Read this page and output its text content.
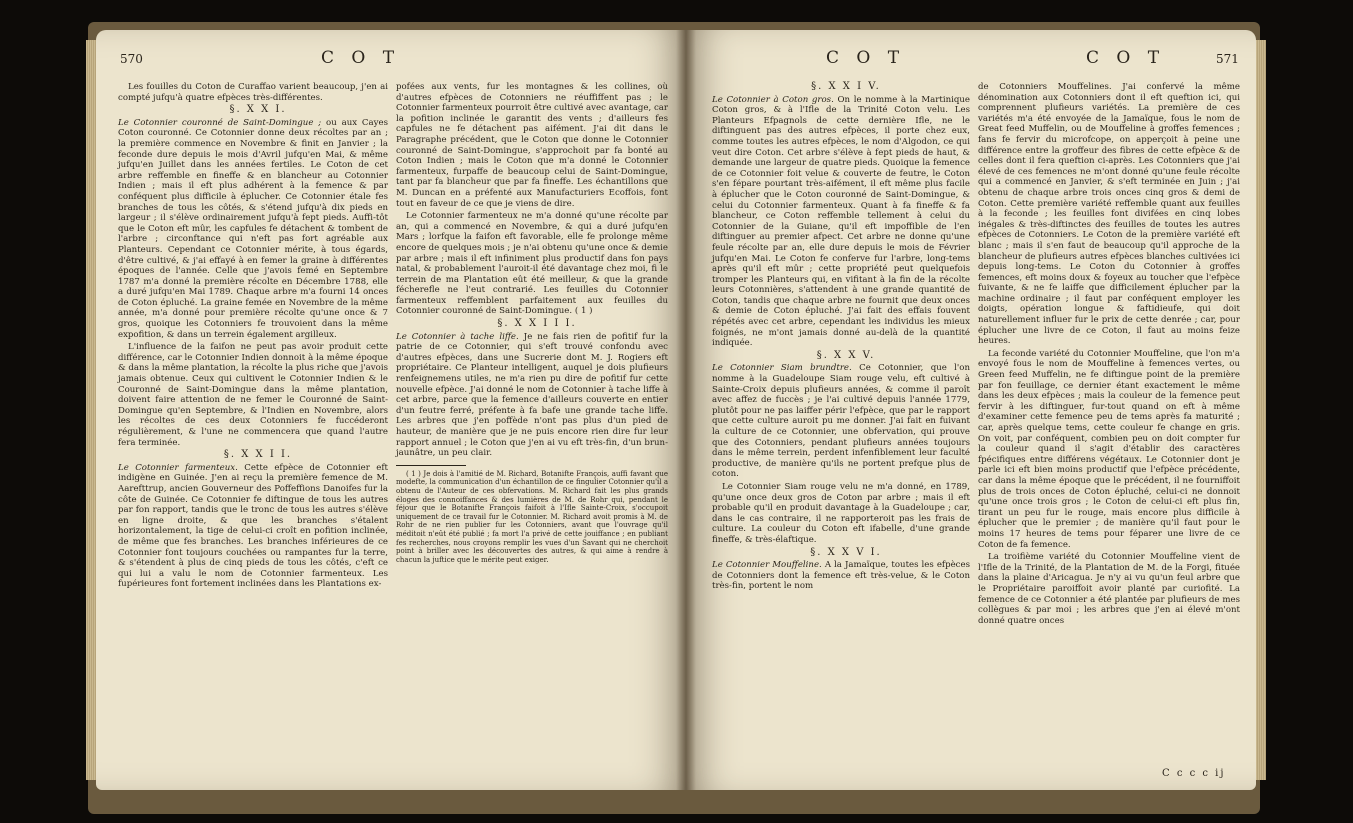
570	C O T

Les fouilles du Coton de Curaffao varient beaucoup, j'en ai compté jufqu'à quatre efpèces très-différentes.

§. X X I.

Le Cotonnier couronné de Saint-Domingue ; ou aux Cayes Coton couronné. Ce Cotonnier donne deux récoltes par an ; la première commence en Novembre & finit en Janvier ; la feconde dure depuis le mois d'Avril jufqu'en Mai, & même jufqu'en Juillet dans les années fertiles. Le Coton de cet arbre reffemble en fineffe & en blancheur au Cotonnier Indien ; mais il eft plus adhérent à la femence & par conféquent plus difficile à éplucher. Ce Cotonnier étale fes branches de tous les côtés, & s'étend jufqu'à dix pieds en largeur ; il s'élève ordinairement jufqu'à fept pieds. Auffi-tôt que le Coton eft mûr, les capfules fe détachent & tombent de l'arbre ; circonftance qui n'eft pas fort agréable aux Planteurs. Cependant ce Cotonnier mérite, à tous égards, d'être cultivé, & j'ai effayé à en femer la graine à différentes époques de l'année. Celle que j'avois femé en Septembre 1787 m'a donné la première récolte en Décembre 1788, elle a duré jufqu'en Mai 1789. Chaque arbre m'a fourni 14 onces de Coton épluché. La graine femée en Novembre de la même année, m'a donné pour première récolte qu'une once & 7 gros, quoique les Cotonniers fe trouvoient dans la même expofition, & dans un terrein également argilleux.

L'influence de la faifon ne peut pas avoir produit cette différence, car le Cotonnier Indien donnoit à la même époque & dans la même plantation, la récolte la plus riche que j'avois jamais obtenue. Ceux qui cultivent le Cotonnier Indien & le Couronné de Saint-Domingue dans la même plantation, doivent faire attention de ne femer le Couronné de Saint-Domingue qu'en Septembre, & l'Indien en Novembre, alors les récoltes de ces deux Cotonniers fe fuccéderont régulièrement, & l'une ne commencera que quand l'autre fera terminée.

§. X X I I.

Le Cotonnier farmenteux. Cette efpèce de Cotonnier eft indigène en Guinée. J'en ai reçu la première femence de M. Aarefttrup, ancien Gouverneur des Poffeffions Danoifes fur la côte de Guinée. Ce Cotonnier fe diftingue de tous les autres par fon rapport, tandis que le tronc de tous les autres s'élève en ligne droite, & que les branches s'étalent horizontalement, la tige de celui-ci croît en pofition inclinée, de même que fes branches. Les branches inférieures de ce Cotonnier font toujours couchées ou rampantes fur la terre, & s'étendent à plus de cinq pieds de tous les côtés, c'eft ce qui lui a valu le nom de Cotonnier farmenteux. Les fupérieures font fortement inclinées dans les Plantations ex-

pofées aux vents, fur les montagnes & les collines, où d'autres efpèces de Cotonniers ne réuffiffent pas ; le Cotonnier farmenteux pourroit être cultivé avec avantage, car la pofition inclinée le garantit des vents ; d'ailleurs fes capfules ne fe détachent pas aifément. J'ai dit dans le Paragraphe précédent, que le Coton que donne le Cotonnier couronné de Saint-Domingue, s'approchoit par fa bonté au Coton Indien ; mais le Coton que m'a donné le Cotonnier farmenteux, furpaffe de beaucoup celui de Saint-Domingue, tant par fa blancheur que par fa fineffe. Les échantillons que M. Duncan en a préfenté aux Manufacturiers Ecoffois, font tout en faveur de ce que je viens de dire.

Le Cotonnier farmenteux ne m'a donné qu'une récolte par an, qui a commencé en Novembre, & qui a duré jufqu'en Mars ; lorfque la faifon eft favorable, elle fe prolonge même encore de quelques mois ; je n'ai obtenu qu'une once & demie par arbre ; mais il eft infiniment plus productif dans fon pays natal, & probablement l'auroit-il été davantage chez moi, fi le terrein de ma Plantation eût été meilleur, & que la grande fécherefle ne l'eut contrarié. Les feuilles du Cotonnier farmenteux reffemblent parfaitement aux feuilles du Cotonnier couronné de Saint-Domingue. ( 1 )

§. X X I I I.

Le Cotonnier à tache liffe. Je ne fais rien de pofitif fur la patrie de ce Cotonnier, qui s'eft trouvé confondu avec d'autres efpèces, dans une Sucrerie dont M. J. Rogiers eft propriétaire. Ce Planteur intelligent, auquel je dois plufieurs renfeignemens utiles, ne m'a rien pu dire de pofitif fur cette nouvelle efpèce. J'ai donné le nom de Cotonnier à tache liffe à cet arbre, parce que la femence d'ailleurs couverte en entier d'un feutre ferré, préfente à fa bafe une grande tache liffe. Les arbres que j'en poffède n'ont pas plus d'un pied de hauteur, de manière que je ne puis encore rien dire fur leur rapport annuel ; le Coton que j'en ai vu eft très-fin, d'un brun-jaunâtre, un peu clair.

( 1 ) Je dois à l'amitié de M. Richard, Botanifte François, auffi favant que modefte, la communication d'un échantillon de ce fingulier Cotonnier qu'il a obtenu de l'Auteur de ces obfervations. M. Richard fait les plus grands éloges des connoiffances & des lumières de M. de Rohr qui, pendant le féjour que le Botanifte François faifoit à l'Ifle Sainte-Croix, s'occupoit uniquement de ce travail fur le Cotonnier. M. Richard avoit promis à M. de Rohr de ne rien publier fur les Cotonniers, avant que l'ouvrage qu'il méditoit n'eût été publié ; fa mort l'a privé de cette jouiffance ; en publiant fes recherches, nous croyons remplir les vues d'un Savant qui ne cherchoit point à briller avec les découvertes des autres, & qui aime à rendre à chacun la juftice que le mérite peut exiger.

C O T	C O T	571

§. X X I V.

Le Cotonnier à Coton gros. On le nomme à la Martinique Coton gros, & à l'Ifle de la Trinité Coton velu. Les Planteurs Efpagnols de cette dernière Ifle, ne le diftinguent pas des autres efpèces, il porte chez eux, comme toutes les autres efpèces, le nom d'Algodon, ce qui veut dire Coton. Cet arbre s'élève à fept pieds de haut, & demande une largeur de quatre pieds. Quoique la femence de ce Cotonnier foit velue & couverte de feutre, le Coton s'en fépare pourtant très-aifément, il eft même plus facile à éplucher que le Coton couronné de Saint-Domingue, & celui du Cotonnier farmenteux. Quant à fa fineffe & fa blancheur, ce Coton reffemble tellement à celui du Cotonnier de la Guiane, qu'il eft impoffible de l'en diftinguer au premier afpect. Cet arbre ne donne qu'une feule récolte par an, elle dure depuis le mois de Février jufqu'en Mai. Le Coton fe conferve fur l'arbre, long-tems après qu'il eft mûr ; cette propriété peut quelquefois tromper les Planteurs qui, en vifitant à la fin de la récolte leurs Cotonnières, s'attendent à une grande quantité de Coton, tandis que chaque arbre ne fournit que deux onces & demie de Coton épluché. J'ai fait des effais fouvent répétés avec cet arbre, cependant les individus les mieux foignés, ne m'ont jamais donné au-delà de la quantité indiquée.

§. X X V.

Le Cotonnier Siam brundtre. Ce Cotonnier, que l'on nomme à la Guadeloupe Siam rouge velu, eft cultivé à Sainte-Croix depuis plufieurs années, & comme il paroît avec affez de fuccès ; je l'ai cultivé depuis l'année 1779, plutôt pour ne pas laiffer périr l'efpèce, que par le rapport que cette culture auroit pu me donner. J'ai fait en fuivant la culture de ce Cotonnier, une obfervation, qui prouve que des Cotonniers, pendant plufieurs années toujours dans le même terrein, perdent infenfiblement leur faculté productive, de manière qu'ils ne portent prefque plus de coton.

Le Cotonnier Siam rouge velu ne m'a donné, en 1789, qu'une once deux gros de Coton par arbre ; mais il eft probable qu'il en produit davantage à la Guadeloupe ; car, dans le cas contraire, il ne rapporteroit pas les frais de culture. La couleur du Coton eft ifabelle, d'une grande fineffe, & très-élaftique.

§. X X V I.

Le Cotonnier Mouffeline. A la Jamaïque, toutes les efpèces de Cotonniers dont la femence eft très-velue, & le Coton très-fin, portent le nom

de Cotonniers Mouffelines. J'ai confervé la même dénomination aux Cotonniers dont il eft queftion ici, qui comprennent plufieurs variétés. La première de ces variétés m'a été envoyée de la Jamaïque, fous le nom de Great feed Muffelin, ou de Mouffeline à groffes femences ; fans fe fervir du microfcope, on apperçoit à peine une différence entre la groffeur des fibres de cette efpèce & de celles dont il fera queftion ci-après. Les Cotonniers que j'ai élevé de ces femences ne m'ont donné qu'une feule récolte qui a commencé en Janvier, & s'eft terminée en Juin ; j'ai obtenu de chaque arbre trois onces cinq gros & demi de Coton. Cette première variété reffemble quant aux feuilles à la feconde ; les feuilles font divifées en cinq lobes inégales & très-diftinctes des feuilles de toutes les autres efpèces de Cotonniers. Le Coton de la première variété eft blanc ; mais il s'en faut de beaucoup qu'il approche de la blancheur de plufieurs autres efpèces blanches cultivées ici depuis long-tems. Le Coton du Cotonnier à groffes femences, eft moins doux & foyeux au toucher que l'efpèce fuivante, & ne fe laiffe que difficilement éplucher par la machine ordinaire ; il faut par conféquent employer les doigts, opération longue & faftidieufe, qui doit naturellement influer fur le prix de cette denrée ; car, pour éplucher une livre de ce Coton, il faut au moins feize heures.

La feconde variété du Cotonnier Mouffeline, que l'on m'a envoyé fous le nom de Mouffeline à femences vertes, ou Green feed Muffelin, ne fe diftingue point de la première par fon feuillage, ce dernier étant exactement le même dans les deux efpèces ; mais la couleur de la femence peut fervir à les diftinguer, fur-tout quand on eft à même d'examiner cette femence peu de tems après fa maturité ; car, après quelque tems, cette couleur fe change en gris. On voit, par conféquent, combien peu on doit compter fur la couleur quand il s'agit d'établir des caractères fpécifiques entre différens végétaux. Le Cotonnier dont je parle ici eft bien moins productif que l'efpèce précédente, car dans la même époque que le précédent, il ne fourniffoit plus de trois onces de Coton épluché, celui-ci ne donnoit qu'une once trois gros ; le Coton de celui-ci eft plus fin, tirant un peu fur le rouge, mais encore plus difficile à éplucher que le premier ; de manière qu'il faut pour le moins 17 heures de tems pour féparer une livre de ce Coton de fa femence.

La troifième variété du Cotonnier Mouffeline vient de l'Ifle de la Trinité, de la Plantation de M. de la Forgi, fituée dans la plaine d'Aricagua. Je n'y ai vu qu'un feul arbre que le Propriétaire paroiffoit avoir planté par curiofité. La femence de ce Cotonnier a été plantée par plufieurs de mes collègues & par moi ; les arbres que j'en ai élevé m'ont donné quatre onces

C c c c ij
